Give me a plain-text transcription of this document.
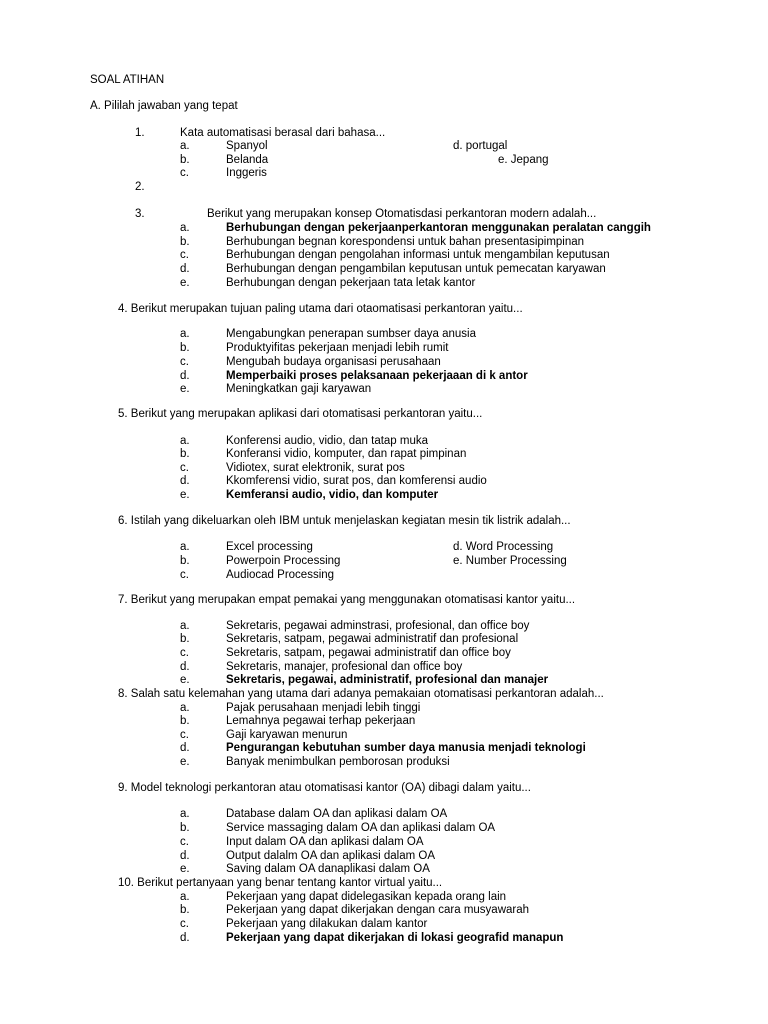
SOAL ATIHAN
A. Pililah jawaban yang tepat
1.	Kata automatisasi berasal dari bahasa...
a.	Spanyol	d. portugal
b.	Belanda	e. Jepang
c.	Inggeris
2.
3.	Berikut yang merupakan konsep Otomatisdasi perkantoran modern adalah...
a.	Berhubungan dengan pekerjaanperkantoran menggunakan peralatan canggih
b.	Berhubungan begnan korespondensi untuk bahan presentasipimpinan
c.	Berhubungan dengan pengolahan informasi untuk mengambilan keputusan
d.	Berhubungan dengan pengambilan keputusan untuk pemecatan karyawan
e.	Berhubungan dengan pekerjaan tata letak kantor
4. Berikut merupakan tujuan paling utama dari otaomatisasi perkantoran yaitu...
a.	Mengabungkan penerapan sumbser daya anusia
b.	Produktyifitas pekerjaan menjadi lebih rumit
c.	Mengubah budaya organisasi perusahaan
d.	Memperbaiki proses pelaksanaan pekerjaaan di k antor
e.	Meningkatkan gaji karyawan
5. Berikut yang merupakan aplikasi dari otomatisasi perkantoran yaitu...
a.	Konferensi audio, vidio, dan tatap muka
b.	Konferansi vidio, komputer, dan rapat pimpinan
c.	Vidiotex, surat elektronik, surat pos
d.	Kkomferensi vidio, surat pos, dan komferensi audio
e.	Kemferansi audio, vidio, dan komputer
6. Istilah yang dikeluarkan oleh IBM untuk menjelaskan kegiatan mesin tik listrik adalah...
a.	Excel processing	d. Word Processing
b.	Powerpoin Processing	e. Number Processing
c.	Audiocad Processing
7. Berikut yang merupakan empat pemakai yang menggunakan otomatisasi kantor yaitu...
a.	Sekretaris, pegawai adminstrasi, profesional, dan office boy
b.	Sekretaris, satpam, pegawai administratif dan profesional
c.	Sekretaris, satpam, pegawai administratif dan office boy
d.	Sekretaris, manajer, profesional dan office boy
e.	Sekretaris, pegawai, administratif, profesional dan manajer
8. Salah satu kelemahan yang utama dari adanya pemakaian otomatisasi perkantoran adalah...
a.	Pajak perusahaan menjadi lebih tinggi
b.	Lemahnya pegawai terhap pekerjaan
c.	Gaji karyawan menurun
d.	Pengurangan kebutuhan sumber daya manusia menjadi teknologi
e.	Banyak menimbulkan pemborosan produksi
9. Model teknologi perkantoran atau otomatisasi kantor (OA) dibagi dalam yaitu...
a.	Database dalam OA dan aplikasi dalam OA
b.	Service massaging dalam OA dan aplikasi dalam OA
c.	Input dalam OA dan aplikasi dalam OA
d.	Output dalalm OA dan aplikasi dalam OA
e.	Saving dalam OA danaplikasi dalam OA
10. Berikut pertanyaan yang benar tentang kantor virtual yaitu...
a.	Pekerjaan yang dapat didelegasikan kepada orang lain
b.	Pekerjaan yang dapat dikerjakan dengan cara musyawarah
c.	Pekerjaan yang dilakukan dalam kantor
d.	Pekerjaan yang dapat dikerjakan di lokasi geografid manapun
